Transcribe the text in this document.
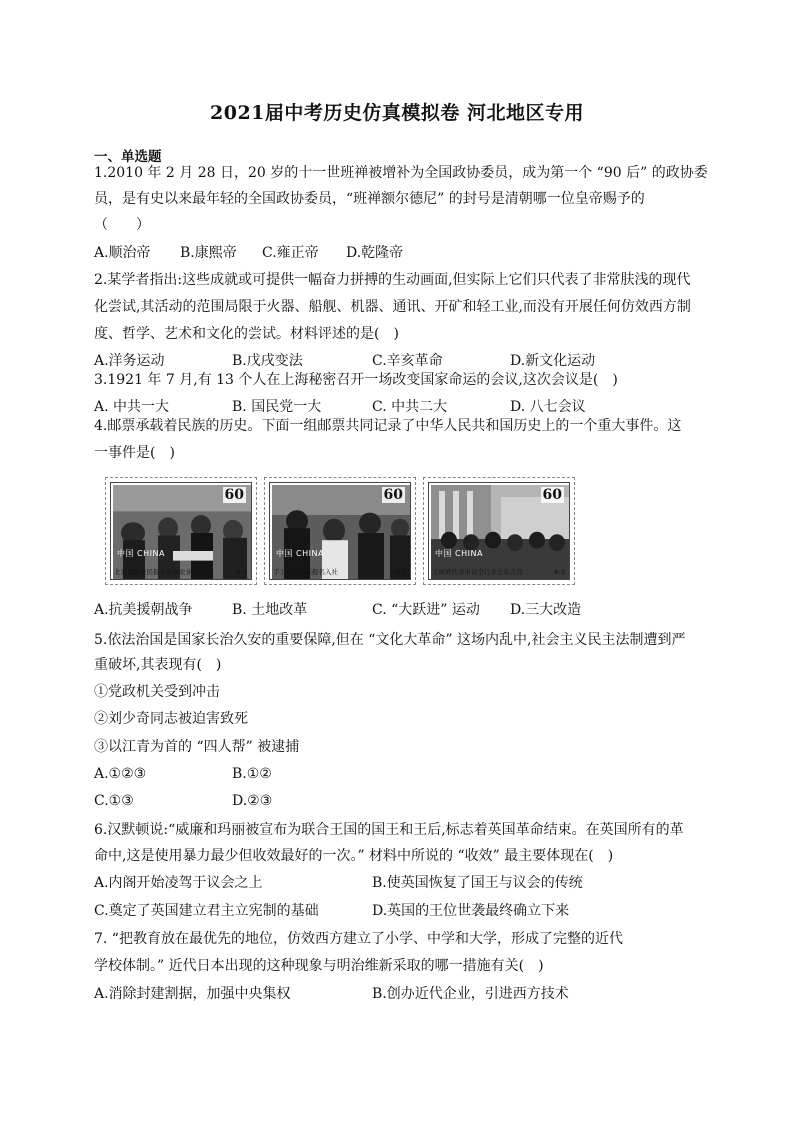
2021届中考历史仿真模拟卷 河北地区专用
一、单选题
1.2010 年 2 月 28 日，20 岁的十一世班禅被增补为全国政协委员，成为第一个 “90 后” 的政协委
员，是有史以来最年轻的全国政协委员，“班禅额尔德尼” 的封号是清朝哪一位皇帝赐予的
（　　）
A.顺治帝 B.康熙帝 C.雍正帝 D.乾隆帝
2.某学者指出:这些成就或可提供一幅奋力拼搏的生动画面,但实际上它们只代表了非常肤浅的现代
化尝试,其活动的范围局限于火器、船舰、机器、通讯、开矿和轻工业,而没有开展任何仿效西方制
度、哲学、艺术和文化的尝试。材料评述的是(　)
A.洋务运动	B.戊戌变法	C.辛亥革命	D.新文化运动
3.1921 年 7 月,有 13 个人在上海秘密召开一场改变国家命运的会议,这次会议是(　)
A. 中共一大	B. 国民党一大	C. 中共二大	D. 八七会议
4.邮票承载着民族的历史。下面一组邮票共同记录了中华人民共和国历史上的一个重大事件。这
一事件是(　)
60
中国 CHINA
北京郊区农民报名参加农业合作社	6-1
60
中国 CHINA
手工业者踊跃报名入社	6-2
60
中国 CHINA
工商界代表申请全行业公私合营	6-3
A.抗美援朝战争	B. 土地改革	C. “大跃进” 运动 D.三大改造
5.依法治国是国家长治久安的重要保障,但在 “文化大革命” 这场内乱中,社会主义民主法制遭到严
重破坏,其表现有(　)
①党政机关受到冲击
②刘少奇同志被迫害致死
③以江青为首的 “四人帮” 被逮捕
A.①②③	B.①②
C.①③	D.②③
6.汉默顿说:“威廉和玛丽被宣布为联合王国的国王和王后,标志着英国革命结束。在英国所有的革
命中,这是使用暴力最少但收效最好的一次。” 材料中所说的 “收效” 最主要体现在(　)
A.内阁开始凌驾于议会之上	B.使英国恢复了国王与议会的传统
C.奠定了英国建立君主立宪制的基础	D.英国的王位世袭最终确立下来
7. “把教育放在最优先的地位，仿效西方建立了小学、中学和大学，形成了完整的近代
学校体制。” 近代日本出现的这种现象与明治维新采取的哪一措施有关(　)
A.消除封建割据，加强中央集权	B.创办近代企业，引进西方技术
